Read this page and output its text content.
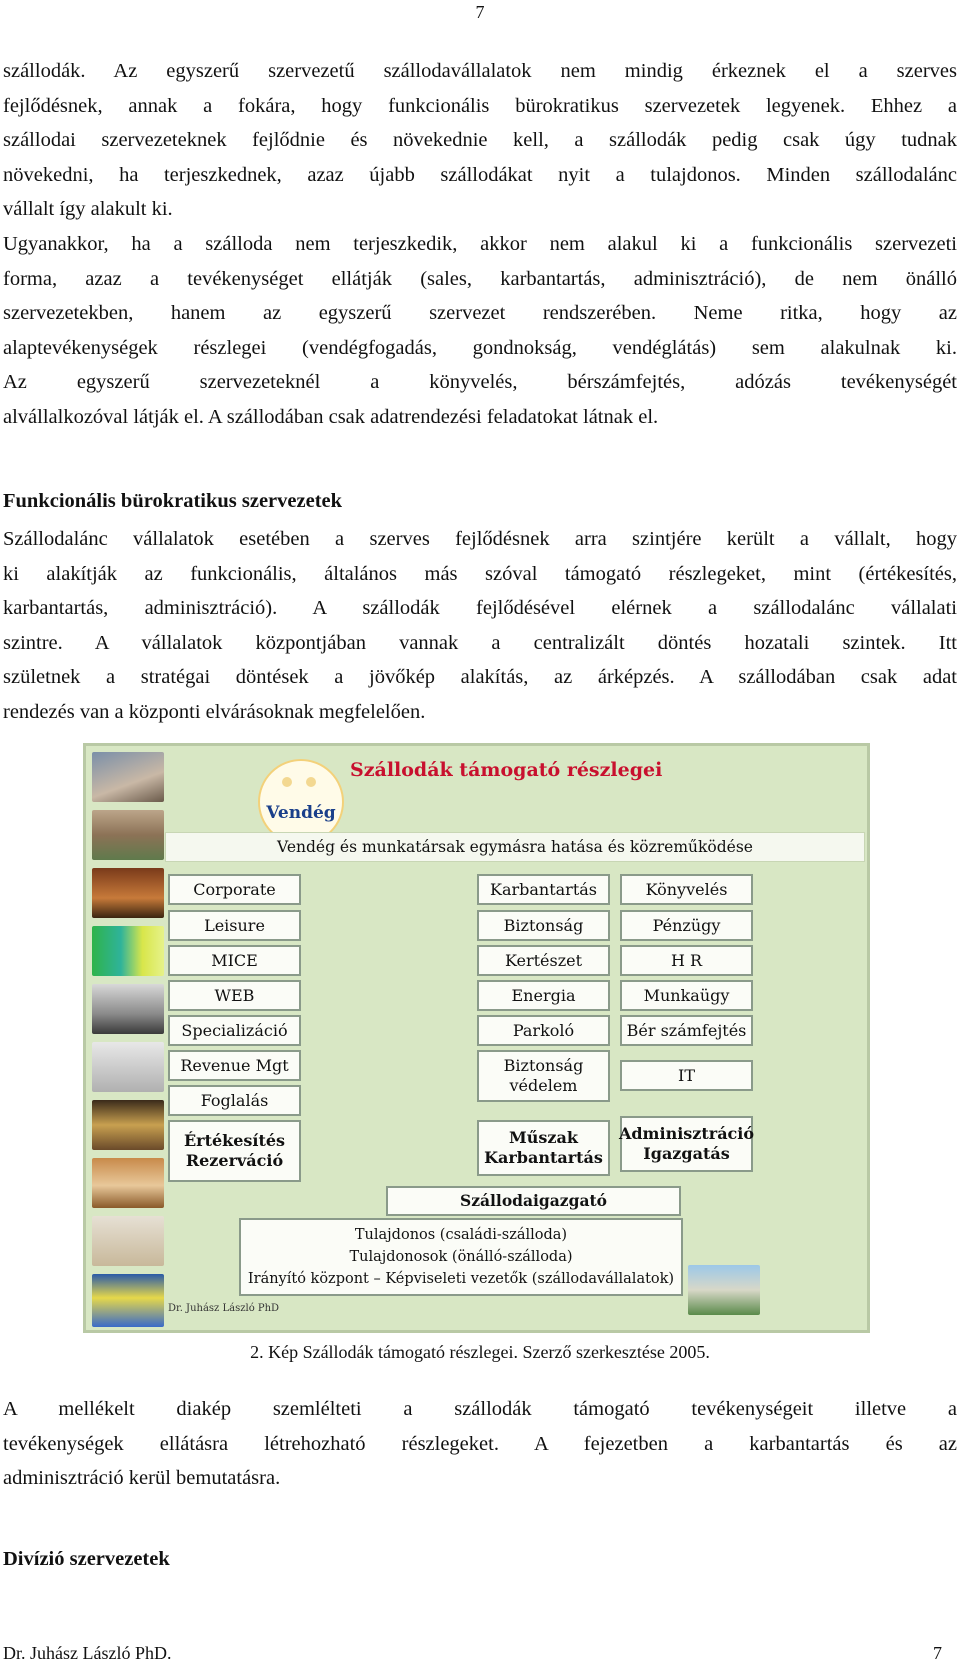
7
szállodák. Az egyszerű szervezetű szállodavállalatok nem mindig érkeznek el a szerves
fejlődésnek, annak a fokára, hogy funkcionális bürokratikus szervezetek legyenek. Ehhez a
szállodai szervezeteknek fejlődnie és növekednie kell, a szállodák pedig csak úgy tudnak
növekedni, ha terjeszkednek, azaz újabb szállodákat nyit a tulajdonos. Minden szállodalánc
vállalt így alakult ki.
Ugyanakkor, ha a szálloda nem terjeszkedik, akkor nem alakul ki a funkcionális szervezeti
forma, azaz a tevékenységet ellátják (sales, karbantartás, adminisztráció), de nem önálló
szervezetekben, hanem az egyszerű szervezet rendszerében. Neme ritka, hogy az
alaptevékenységek részlegei (vendégfogadás, gondnokság, vendéglátás) sem alakulnak ki.
Az egyszerű szervezeteknél a könyvelés, bérszámfejtés, adózás tevékenységét
alvállalkozóval látják el. A szállodában csak adatrendezési feladatokat látnak el.
Funkcionális bürokratikus szervezetek
Szállodalánc vállalatok esetében a szerves fejlődésnek arra szintjére került a vállalt, hogy
ki alakítják az funkcionális, általános más szóval támogató részlegeket, mint (értékesítés,
karbantartás, adminisztráció). A szállodák fejlődésével elérnek a szállodalánc vállalati
szintre. A vállalatok központjában vannak a centralizált döntés hozatali szintek. Itt
születnek a stratégai döntések a jövőkép alakítás, az árképzés. A szállodában csak adat
rendezés van a központi elvárásoknak megfelelően.
Vendég
Szállodák támogató részlegei
Vendég és munkatársak egymásra hatása és közreműködése
Corporate
Leisure
MICE
WEB
Specializáció
Revenue Mgt
Foglalás
Értékesítés
Rezerváció
Karbantartás
Biztonság
Kertészet
Energia
Parkoló
Biztonság védelem
Műszak
Karbantartás
Könyvelés
Pénzügy
H R
Munkaügy
Bér számfejtés
IT
Adminisztráció
Igazgatás
Szállodaigazgató
Tulajdonos (családi-szálloda)
Tulajdonosok (önálló-szálloda)
Irányító központ – Képviseleti vezetők (szállodavállalatok)
Dr. Juhász László PhD
2. Kép Szállodák támogató részlegei. Szerző szerkesztése 2005.
A mellékelt diakép szemlélteti a szállodák támogató tevékenységeit illetve a
tevékenységek ellátásra létrehozható részlegeket. A fejezetben a karbantartás és az
adminisztráció kerül bemutatásra.
Divízió szervezetek
Dr. Juhász László PhD.	7
